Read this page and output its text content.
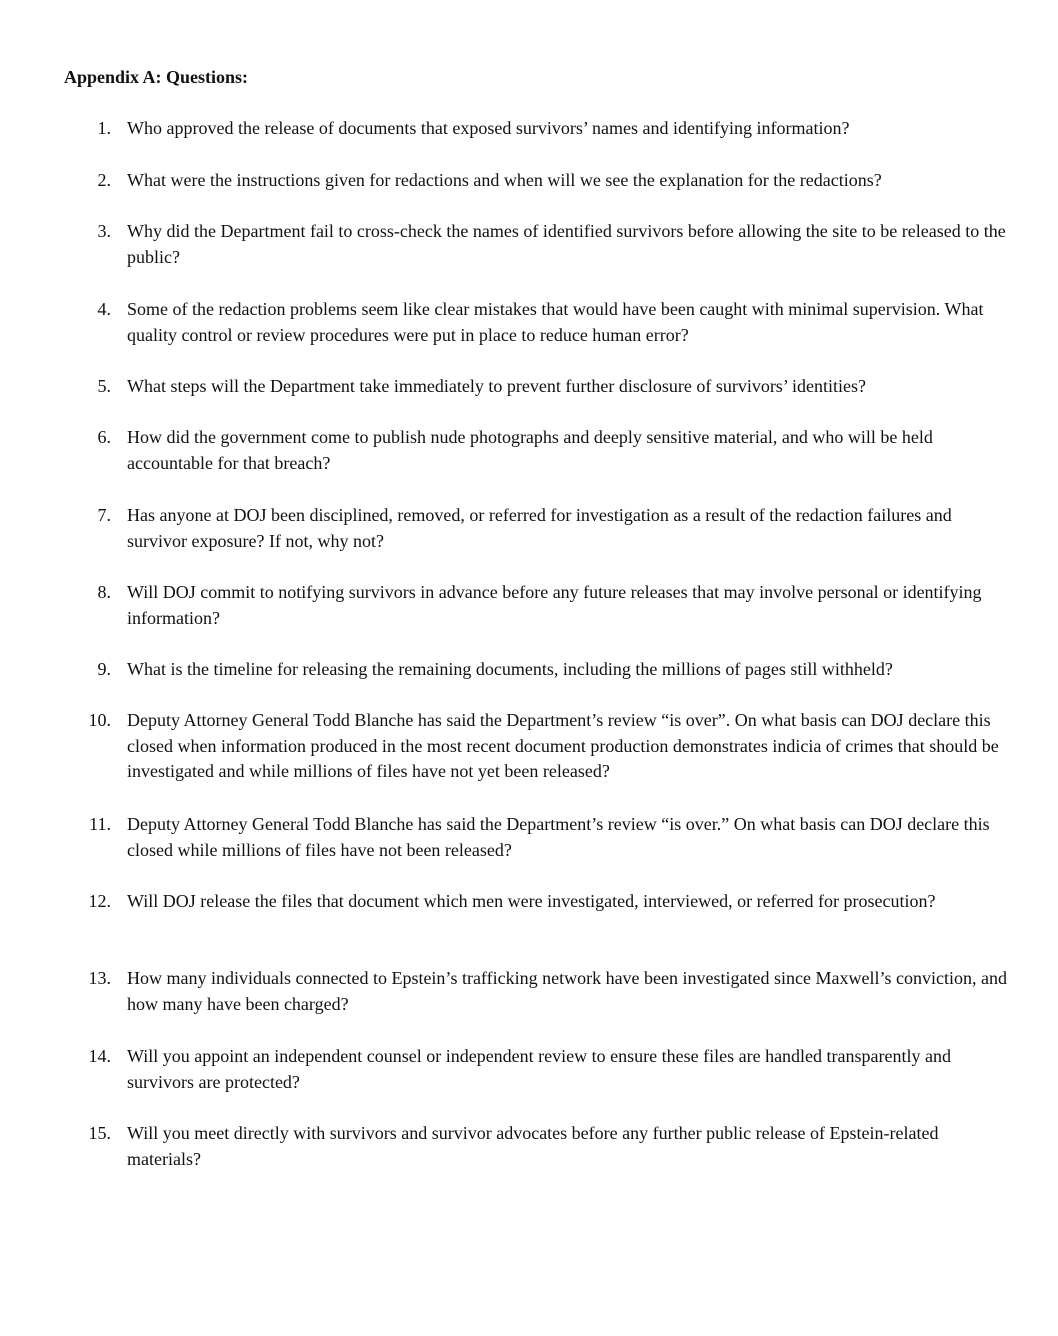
Appendix A: Questions:
1. Who approved the release of documents that exposed survivors’ names and identifying information?

2. What were the instructions given for redactions and when will we see the explanation for the redactions?

3. Why did the Department fail to cross-check the names of identified survivors before allowing the site to be released to the public?

4. Some of the redaction problems seem like clear mistakes that would have been caught with minimal supervision. What quality control or review procedures were put in place to reduce human error?

5. What steps will the Department take immediately to prevent further disclosure of survivors’ identities?

6. How did the government come to publish nude photographs and deeply sensitive material, and who will be held accountable for that breach?

7. Has anyone at DOJ been disciplined, removed, or referred for investigation as a result of the redaction failures and survivor exposure? If not, why not?

8. Will DOJ commit to notifying survivors in advance before any future releases that may involve personal or identifying information?

9. What is the timeline for releasing the remaining documents, including the millions of pages still withheld?

10. Deputy Attorney General Todd Blanche has said the Department’s review “is over”. On what basis can DOJ declare this closed when information produced in the most recent document production demonstrates indicia of crimes that should be investigated and while millions of files have not yet been released?

11. Deputy Attorney General Todd Blanche has said the Department’s review “is over.” On what basis can DOJ declare this closed while millions of files have not been released?

12. Will DOJ release the files that document which men were investigated, interviewed, or referred for prosecution?

13. How many individuals connected to Epstein’s trafficking network have been investigated since Maxwell’s conviction, and how many have been charged?

14. Will you appoint an independent counsel or independent review to ensure these files are handled transparently and survivors are protected?

15. Will you meet directly with survivors and survivor advocates before any further public release of Epstein-related materials?
